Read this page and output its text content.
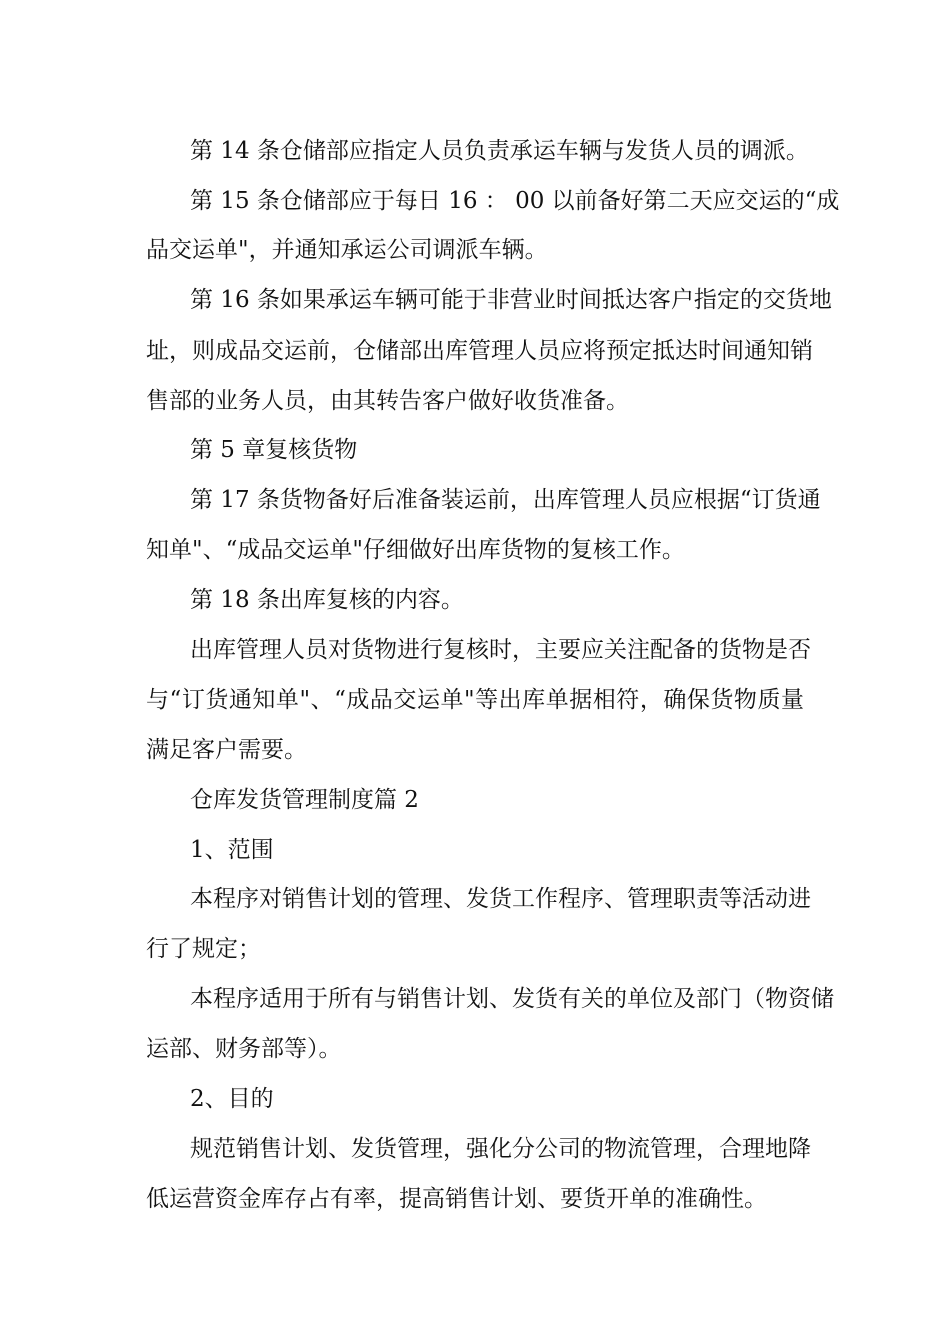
第 14 条仓储部应指定人员负责承运车辆与发货人员的调派。
第 15 条仓储部应于每日 16 ： 00 以前备好第二天应交运的“成
品交运单"，并通知承运公司调派车辆。
第 16 条如果承运车辆可能于非营业时间抵达客户指定的交货地
址，则成品交运前，仓储部出库管理人员应将预定抵达时间通知销
售部的业务人员，由其转告客户做好收货准备。
第 5 章复核货物
第 17 条货物备好后准备装运前，出库管理人员应根据“订货通
知单"、“成品交运单"仔细做好出库货物的复核工作。
第 18 条出库复核的内容。
出库管理人员对货物进行复核时，主要应关注配备的货物是否
与“订货通知单"、“成品交运单"等出库单据相符，确保货物质量
满足客户需要。
仓库发货管理制度篇 2
1、范围
本程序对销售计划的管理、发货工作程序、管理职责等活动进
行了规定；
本程序适用于所有与销售计划、发货有关的单位及部门（物资储
运部、财务部等）。
2、目的
规范销售计划、发货管理，强化分公司的物流管理，合理地降
低运营资金库存占有率，提高销售计划、要货开单的准确性。
